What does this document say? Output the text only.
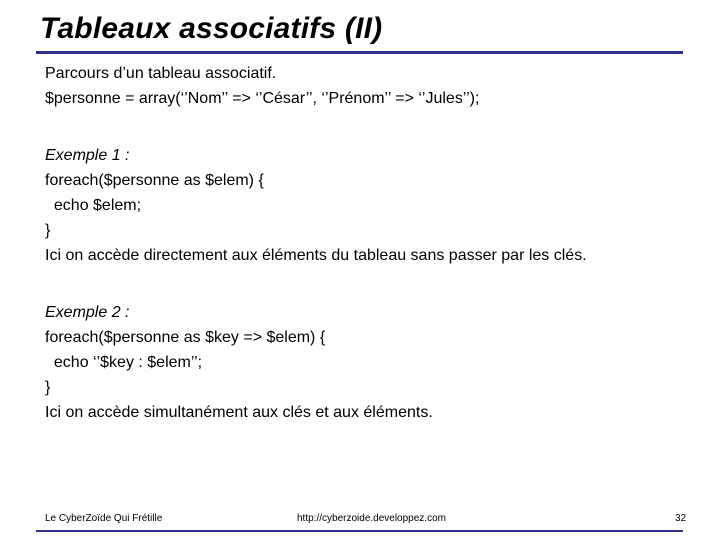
Tableaux associatifs (II)
Parcours d’un tableau associatif.
$personne = array(‘’Nom’’ => ‘’César’’, ‘’Prénom’’ => ‘’Jules’’);
Exemple 1 :
foreach($personne as $elem) {
echo $elem;
}
Ici on accède directement aux éléments du tableau sans passer par les clés.
Exemple 2 :
foreach($personne as $key => $elem) {
echo ‘’$key : $elem’’;
}
Ici on accède simultanément aux clés et aux éléments.
Le CyberZoïde Qui Frétille	http://cyberzoide.developpez.com	32
